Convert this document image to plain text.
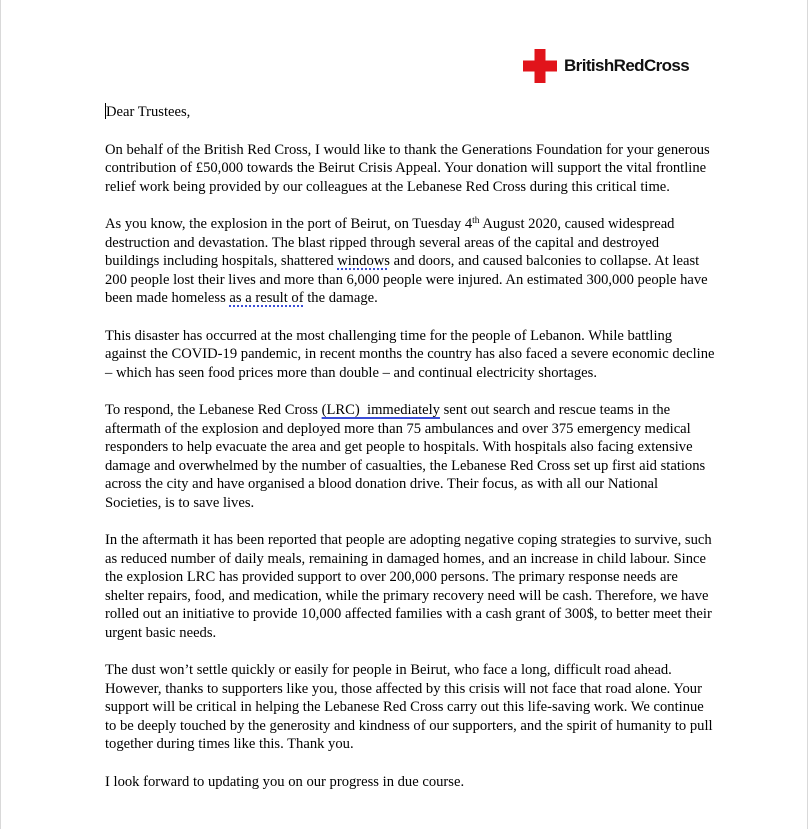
BritishRedCross

Dear Trustees,

On behalf of the British Red Cross, I would like to thank the Generations Foundation for your generous contribution of £50,000 towards the Beirut Crisis Appeal. Your donation will support the vital frontline relief work being provided by our colleagues at the Lebanese Red Cross during this critical time.

As you know, the explosion in the port of Beirut, on Tuesday 4th August 2020, caused widespread destruction and devastation. The blast ripped through several areas of the capital and destroyed buildings including hospitals, shattered windows and doors, and caused balconies to collapse. At least 200 people lost their lives and more than 6,000 people were injured. An estimated 300,000 people have been made homeless as a result of the damage.

This disaster has occurred at the most challenging time for the people of Lebanon. While battling against the COVID-19 pandemic, in recent months the country has also faced a severe economic decline – which has seen food prices more than double – and continual electricity shortages.

To respond, the Lebanese Red Cross (LRC)  immediately sent out search and rescue teams in the aftermath of the explosion and deployed more than 75 ambulances and over 375 emergency medical responders to help evacuate the area and get people to hospitals. With hospitals also facing extensive damage and overwhelmed by the number of casualties, the Lebanese Red Cross set up first aid stations across the city and have organised a blood donation drive. Their focus, as with all our National Societies, is to save lives.

In the aftermath it has been reported that people are adopting negative coping strategies to survive, such as reduced number of daily meals, remaining in damaged homes, and an increase in child labour. Since the explosion LRC has provided support to over 200,000 persons. The primary response needs are shelter repairs, food, and medication, while the primary recovery need will be cash. Therefore, we have rolled out an initiative to provide 10,000 affected families with a cash grant of 300$, to better meet their urgent basic needs.

The dust won’t settle quickly or easily for people in Beirut, who face a long, difficult road ahead. However, thanks to supporters like you, those affected by this crisis will not face that road alone. Your support will be critical in helping the Lebanese Red Cross carry out this life-saving work. We continue to be deeply touched by the generosity and kindness of our supporters, and the spirit of humanity to pull together during times like this. Thank you.

I look forward to updating you on our progress in due course.
